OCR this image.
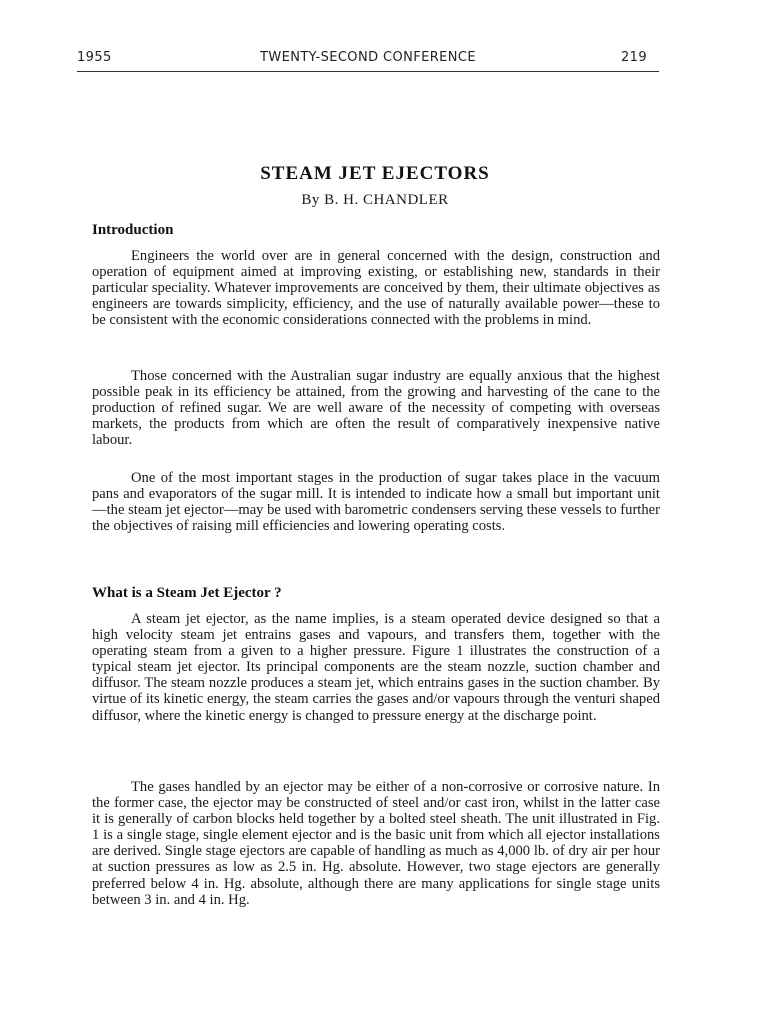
1955	TWENTY-SECOND CONFERENCE	219
STEAM JET EJECTORS
By B. H. CHANDLER
Introduction

Engineers the world over are in general concerned with the design, construction and operation of equipment aimed at improving existing, or establishing new, standards in their particular speciality. Whatever improvements are conceived by them, their ultimate objectives as engineers are towards simplicity, efficiency, and the use of naturally available power—these to be consistent with the economic considerations connected with the problems in mind.

Those concerned with the Australian sugar industry are equally anxious that the highest possible peak in its efficiency be attained, from the growing and harvesting of the cane to the production of refined sugar. We are well aware of the necessity of competing with overseas markets, the products from which are often the result of comparatively inexpensive native labour.

One of the most important stages in the production of sugar takes place in the vacuum pans and evaporators of the sugar mill. It is intended to indicate how a small but important unit—the steam jet ejector—may be used with barometric condensers serving these vessels to further the objectives of raising mill efficiencies and lowering operating costs.

What is a Steam Jet Ejector ?

A steam jet ejector, as the name implies, is a steam operated device designed so that a high velocity steam jet entrains gases and vapours, and transfers them, together with the operating steam from a given to a higher pressure. Figure 1 illustrates the construction of a typical steam jet ejector. Its principal components are the steam nozzle, suction chamber and diffusor. The steam nozzle produces a steam jet, which entrains gases in the suction chamber. By virtue of its kinetic energy, the steam carries the gases and/or vapours through the venturi shaped diffusor, where the kinetic energy is changed to pressure energy at the discharge point.

The gases handled by an ejector may be either of a non-corrosive or corrosive nature. In the former case, the ejector may be constructed of steel and/or cast iron, whilst in the latter case it is generally of carbon blocks held together by a bolted steel sheath. The unit illustrated in Fig. 1 is a single stage, single element ejector and is the basic unit from which all ejector installations are derived. Single stage ejectors are capable of handling as much as 4,000 lb. of dry air per hour at suction pressures as low as 2.5 in. Hg. absolute. However, two stage ejectors are generally preferred below 4 in. Hg. absolute, although there are many applications for single stage units between 3 in. and 4 in. Hg.
